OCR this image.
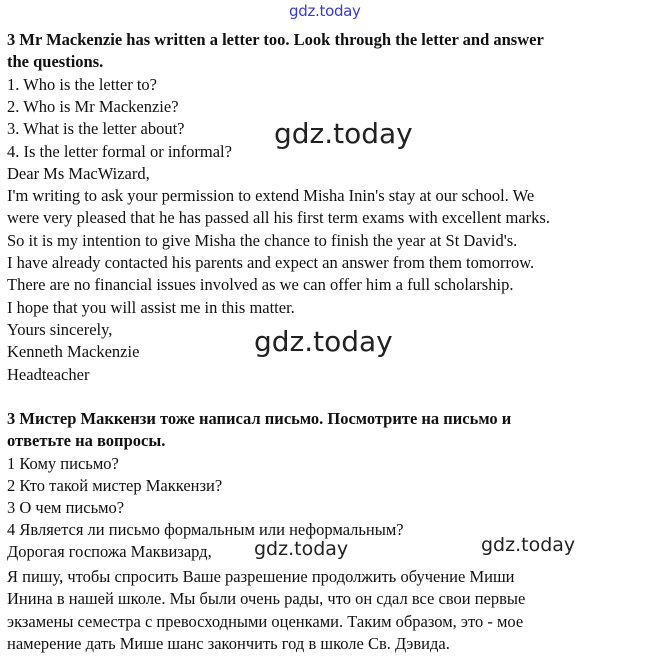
gdz.today
gdz.today
gdz.today
gdz.today	gdz.today
3 Mr Mackenzie has written a letter too. Look through the letter and answer
the questions.
1. Who is the letter to?
2. Who is Mr Mackenzie?
3. What is the letter about?
4. Is the letter formal or informal?
Dear Ms MacWizard,
I'm writing to ask your permission to extend Misha Inin's stay at our school. We
were very pleased that he has passed all his first term exams with excellent marks.
So it is my intention to give Misha the chance to finish the year at St David's.
I have already contacted his parents and expect an answer from them tomorrow.
There are no financial issues involved as we can offer him a full scholarship.
I hope that you will assist me in this matter.
Yours sincerely,
Kenneth Mackenzie
Headteacher
3 Мистер Маккензи тоже написал письмо. Посмотрите на письмо и
ответьте на вопросы.
1 Кому письмо?
2 Кто такой мистер Маккензи?
3 О чем письмо?
4 Является ли письмо формальным или неформальным?
Дорогая госпожа Маквизард,
Я пишу, чтобы спросить Ваше разрешение продолжить обучение Миши
Инина в нашей школе. Мы были очень рады, что он сдал все свои первые
экзамены семестра с превосходными оценками. Таким образом, это - мое
намерение дать Мише шанс закончить год в школе Св. Дэвида.
